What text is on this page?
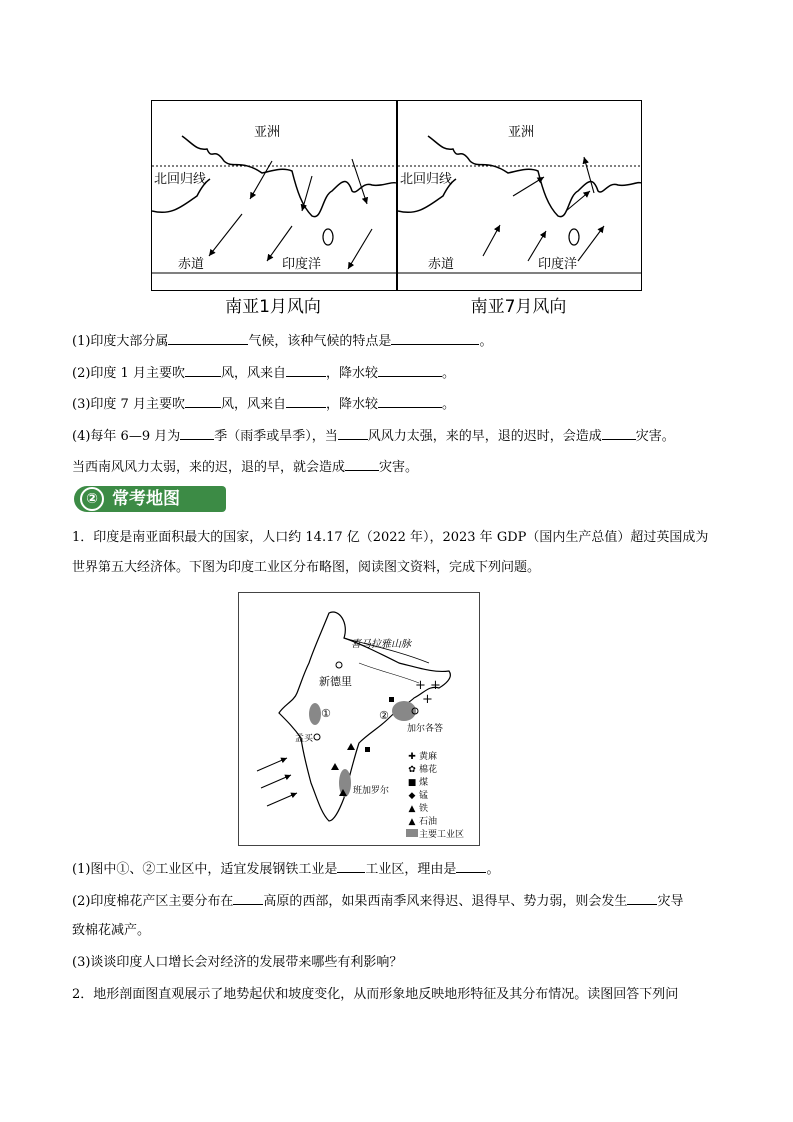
亚洲
北回归线
赤道	印度洋
南亚1月风向
亚洲
北回归线
赤道	印度洋
南亚7月风向
(1)印度大部分属	气候，该种气候的特点是	。
(2)印度 1 月主要吹	风，风来自	，降水较	。
(3)印度 7 月主要吹	风，风来自	，降水较	。
(4)每年 6—9 月为	季（雨季或旱季），当 风风力太强，来的早，退的迟时，会造成	灾害。
当西南风风力太弱，来的迟，退的早，就会造成	灾害。
② 常考地图
1．印度是南亚面积最大的国家，人口约 14.17 亿（2022 年），2023 年 GDP（国内生产总值）超过英国成为
世界第五大经济体。下图为印度工业区分布略图，阅读图文资料，完成下列问题。
+ +
+
喜马拉雅山脉
新德里
加尔各答
孟买
班加罗尔
①	②
✚ 黄麻
✿ 棉花
■ 煤
◆ 锰
▲ 铁
▲ 石油
主要工业区
(1)图中①、②工业区中，适宜发展钢铁工业是 工业区，理由是 。
(2)印度棉花产区主要分布在 高原的西部，如果西南季风来得迟、退得早、势力弱，则会发生 灾导
致棉花减产。
(3)谈谈印度人口增长会对经济的发展带来哪些有利影响？
2．地形剖面图直观展示了地势起伏和坡度变化，从而形象地反映地形特征及其分布情况。读图回答下列问
